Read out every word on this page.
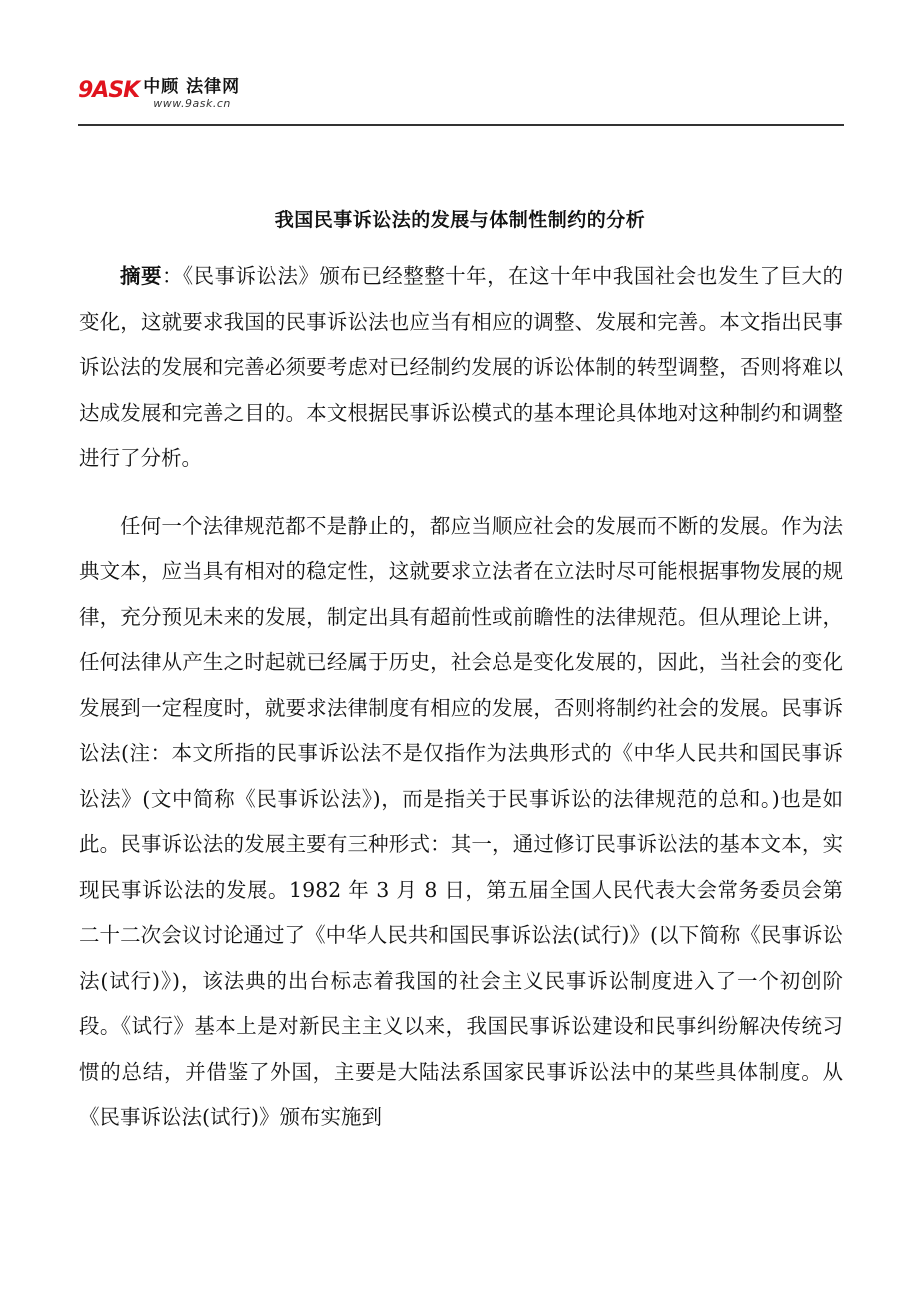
9ASK 中顾 法律网
www.9ask.cn
我国民事诉讼法的发展与体制性制约的分析

摘要：《民事诉讼法》颁布已经整整十年，在这十年中我国社会也发生了巨大的变化，这就要求我国的民事诉讼法也应当有相应的调整、发展和完善。本文指出民事诉讼法的发展和完善必须要考虑对已经制约发展的诉讼体制的转型调整，否则将难以达成发展和完善之目的。本文根据民事诉讼模式的基本理论具体地对这种制约和调整进行了分析。

任何一个法律规范都不是静止的，都应当顺应社会的发展而不断的发展。作为法典文本，应当具有相对的稳定性，这就要求立法者在立法时尽可能根据事物发展的规律，充分预见未来的发展，制定出具有超前性或前瞻性的法律规范。但从理论上讲，任何法律从产生之时起就已经属于历史，社会总是变化发展的，因此，当社会的变化发展到一定程度时，就要求法律制度有相应的发展，否则将制约社会的发展。民事诉讼法(注：本文所指的民事诉讼法不是仅指作为法典形式的《中华人民共和国民事诉讼法》(文中简称《民事诉讼法》)，而是指关于民事诉讼的法律规范的总和。)也是如此。民事诉讼法的发展主要有三种形式：其一，通过修订民事诉讼法的基本文本，实现民事诉讼法的发展。1982 年 3 月 8 日，第五届全国人民代表大会常务委员会第二十二次会议讨论通过了《中华人民共和国民事诉讼法(试行)》(以下简称《民事诉讼法(试行)》)，该法典的出台标志着我国的社会主义民事诉讼制度进入了一个初创阶段。《试行》基本上是对新民主主义以来，我国民事诉讼建设和民事纠纷解决传统习惯的总结，并借鉴了外国，主要是大陆法系国家民事诉讼法中的某些具体制度。从《民事诉讼法(试行)》颁布实施到
